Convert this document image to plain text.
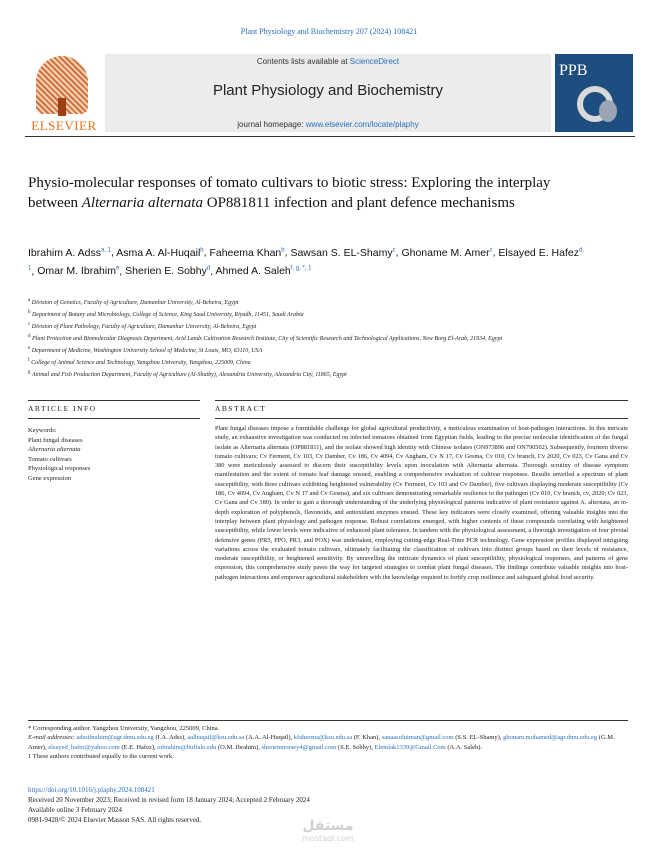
Plant Physiology and Biochemistry 207 (2024) 108421
ELSEVIER
Contents lists available at ScienceDirect
Plant Physiology and Biochemistry
journal homepage: www.elsevier.com/locate/plaphy
PPB
Physio-molecular responses of tomato cultivars to biotic stress: Exploring the interplay between Alternaria alternata OP881811 infection and plant defence mechanisms
Ibrahim A. Adss$^{a, 1}$, Asma A. Al-Huqail$^b$, Faheema Khan$^b$, Sawsan S. EL-Shamy$^c$, Ghoname M. Amer$^c$, Elsayed E. Hafez$^{d, 1}$, Omar M. Ibrahim$^e$, Sherien E. Sobhy$^d$, Ahmed A. Saleh$^{f, g, *, 1}$
$^a$ Division of Genetics, Faculty of Agriculture, Damanhur University, Al-Beheira, Egypt
$^b$ Department of Botany and Microbiology, College of Science, King Saud University, Riyadh, 11451, Saudi Arabia
$^c$ Division of Plant Pathology, Faculty of Agriculture, Damanhur University, Al-Beheira, Egypt
$^d$ Plant Protection and Biomolecular Diagnosis Department, Arid Lands Cultivation Research Institute, City of Scientific Research and Technological Applications, New Borg El-Arab, 21934, Egypt
$^e$ Department of Medicine, Washington University School of Medicine, St Louis, MO, 63110, USA
$^f$ College of Animal Science and Technology, Yangzhou University, Yangzhou, 225009, China
$^g$ Animal and Fish Production Department, Faculty of Agriculture (Al-Shatby), Alexandria University, Alexandria City, 11865, Egypt
ARTICLE INFO	ABSTRACT
Keywords:
Plant fungal diseases
Alternaria alternata
Tomato cultivars
Physiological responses
Gene expression
Plant fungal diseases impose a formidable challenge for global agricultural productivity, a meticulous examination of host-pathogen interactions. In this intricate study, an exhaustive investigation was conducted on infected tomatoes obtained from Egyptian fields, leading to the precise molecular identification of the fungal isolate as Alternaria alternata (OP881811), and the isolate showed high identity with Chinese isolates (ON973896 and ON790502). Subsequently, fourteen diverse tomato cultivars; Cv Ferment, Cv 103, Cv Damber, Cv 186, Cv 4094, Cv Angham, Cv N 17, Cv Gesma, Cv 010, Cv branch, Cv 2020, Cv 023, Cv Gana and Cv 380 were meticulously assessed to discern their susceptibility levels upon inoculation with Alternaria alternata. Thorough scrutiny of disease symptom manifestation and the extent of tomato leaf damage ensued, enabling a comprehensive evaluation of cultivar responses. Results unveiled a spectrum of plant susceptibility, with three cultivars exhibiting heightened vulnerability (Cv Ferment, Cv 103 and Cv Damber), five cultivars displaying moderate susceptibility (Cv 186, Cv 4094, Cv Angham, Cv N 17 and Cv Gesma), and six cultivars demonstrating remarkable resilience to the pathogen (Cv 010, Cv branch, cv, 2020; Cv 023, Cv Gana and Cv 380). In order to gain a thorough understanding of the underlying physiological patterns indicative of plant resistance against A. alternata, an in-depth exploration of polyphenols, flavonoids, and antioxidant enzymes ensued. These key indicators were closely examined, offering valuable insights into the interplay between plant physiology and pathogen response. Robust correlations emerged, with higher contents of these compounds correlating with heightened susceptibility, while lower levels were indicative of enhanced plant tolerance. In tandem with the physiological assessment, a thorough investigation of four pivotal defensive genes (PR5, PPO, PR3, and POX) was undertaken, employing cutting-edge Real-Time PCR technology. Gene expression profiles displayed intriguing variations across the evaluated tomato cultivars, ultimately facilitating the classification of cultivars into distinct groups based on their levels of resistance, moderate susceptibility, or heightened sensitivity. By unravelling the intricate dynamics of plant susceptibility, physiological responses, and patterns of gene expression, this comprehensive study paves the way for targeted strategies to combat plant fungal diseases. The findings contribute valuable insights into host-pathogen interactions and empower agricultural stakeholders with the knowledge required to fortify crop resilience and safeguard global food security.

* Corresponding author. Yangzhou University, Yangzhou, 225009, China.

E-mail addresses: adssibrahim@agr.dmu.edu.eg (I.A. Adss), aalhuqail@ksu.edu.sa (A.A. Al-Huqail), kfaheema@ksu.edu.sa (F. Khan), sanaasoluiman@gmail.com (S.S. EL-Shamy), ghonam.mohamed@agr.dmu.edu.eg (G.M. Amer), elsayed_hafez@yahoo.com (E.E. Hafez), oibrahim@buffalo.edu (O.M. Ibrahim), sherienmorsey4@gmail.com (S.E. Sobhy), Elemlak1339@Gmail.Com (A.A. Saleh).

1 These authors contributed equally to the current work.

https://doi.org/10.1016/j.plaphy.2024.108421

Received 20 November 2023; Received in revised form 18 January 2024; Accepted 2 February 2024

Available online 3 February 2024

0981-9428/© 2024 Elsevier Masson SAS. All rights reserved.	مستقل
mostaql.com
